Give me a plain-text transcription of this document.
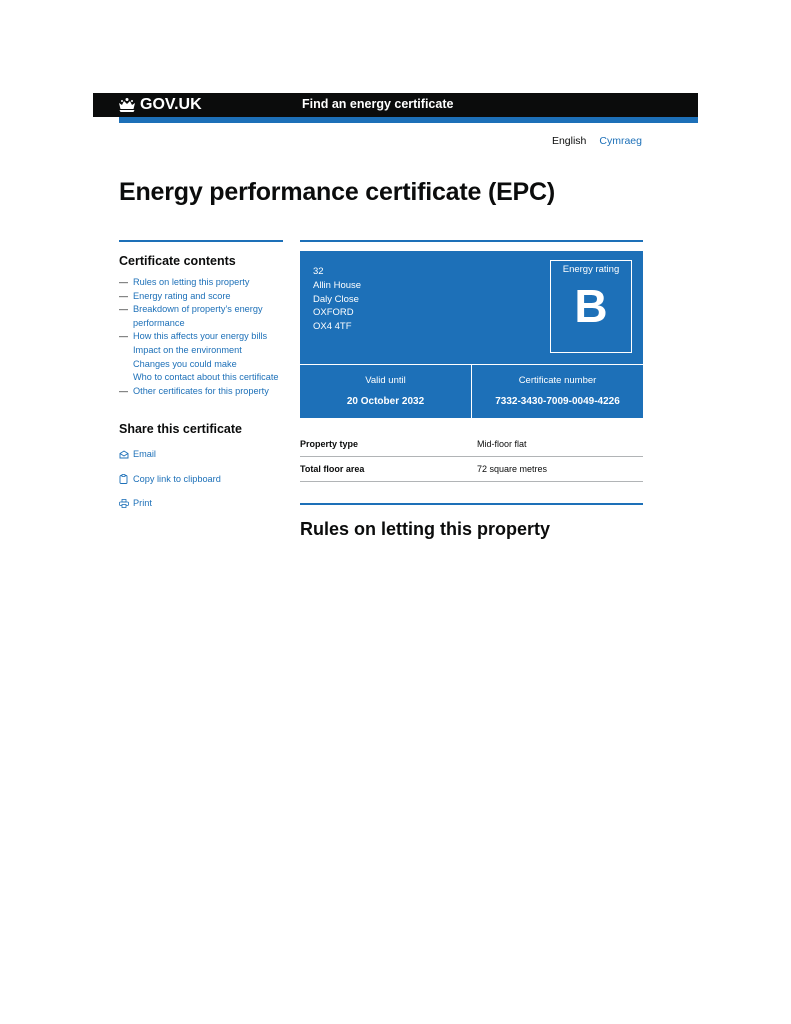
GOV.UK	Find an energy certificate
English Cymraeg
Energy performance certificate (EPC)
Certificate contents
— Rules on letting this property
— Energy rating and score
— Breakdown of property’s energy performance
— How this affects your energy bills
Impact on the environment
Changes you could make
Who to contact about this certificate
— Other certificates for this property
Share this certificate
Email
Copy link to clipboard
Print
32
Allin House
Daly Close
OXFORD
OX4 4TF
Energy rating
B
Valid until
20 October 2032
Certificate number
7332-3430-7009-0049-4226
Property type	Mid-floor flat
Total floor area	72 square metres
Rules on letting this property
